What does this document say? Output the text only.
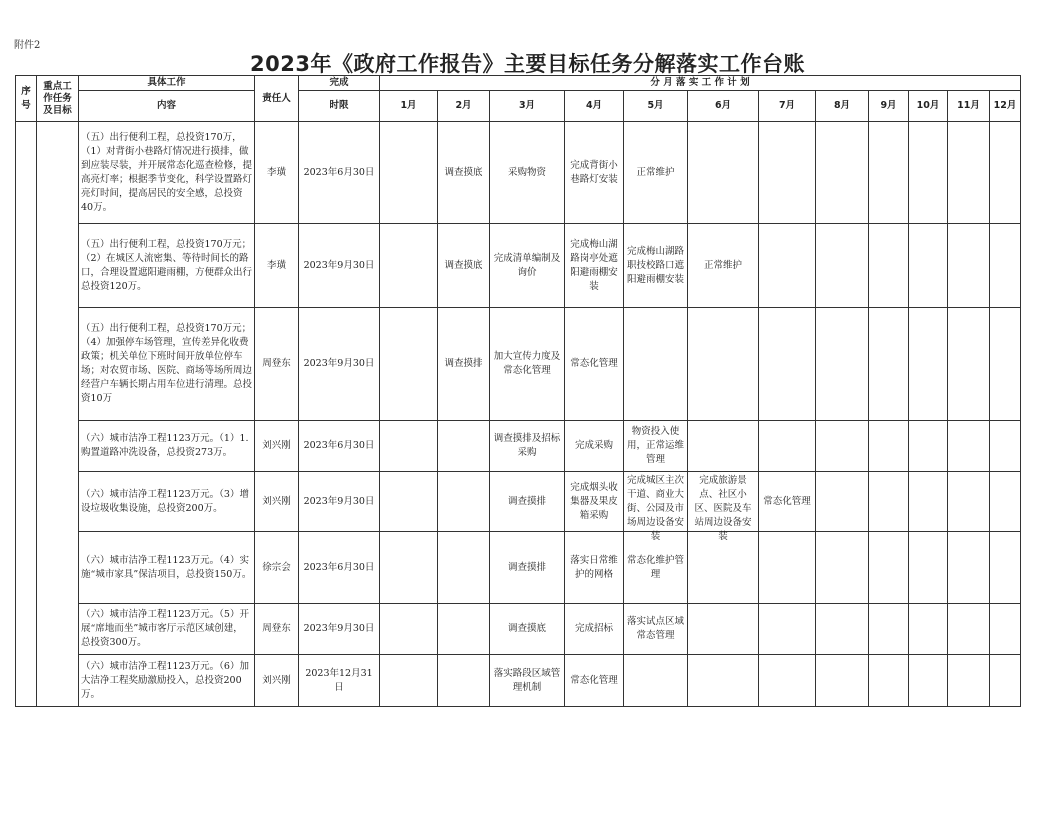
附件2
2023年《政府工作报告》主要目标任务分解落实工作台账
序号	重点工作任务及目标	具体工作	责任人	完成	分 月 落 实 工 作 计 划											
		内容		时限	1月	2月	3月	4月	5月	6月	7月	8月	9月	10月	11月	12月
		（五）出行便利工程，总投资170万，（1）对背街小巷路灯情况进行摸排，做到应装尽装，并开展常态化巡查检修，提高亮灯率；根据季节变化，科学设置路灯亮灯时间，提高居民的安全感，总投资40万。	李璜	2023年6月30日		调查摸底	采购物资	完成背街小巷路灯安装	正常维护							

		（五）出行便利工程，总投资170万元；（2）在城区人流密集、等待时间长的路口，合理设置遮阳避雨棚，方便群众出行总投资120万。	李璜	2023年9月30日		调查摸底	完成清单编制及询价	完成梅山湖路岗亭处遮阳避雨棚安装	完成梅山湖路职技校路口遮阳避雨棚安装	正常维护						

		（五）出行便利工程，总投资170万元；（4）加强停车场管理，宣传差异化收费政策；机关单位下班时间开放单位停车场；对农贸市场、医院、商场等场所周边经营户车辆长期占用车位进行清理。总投资10万	周登东	2023年9月30日		调查摸排	加大宣传力度及常态化管理	常态化管理								

		（六）城市洁净工程1123万元。（1）1.购置道路冲洗设备，总投资273万。	刘兴刚	2023年6月30日			调查摸排及招标采购	完成采购	物资投入使用，正常运维管理							

		（六）城市洁净工程1123万元。（3）增设垃圾收集设施，总投资200万。	刘兴刚	2023年9月30日			调查摸排	完成烟头收集器及果皮箱采购	完成城区主次干道、商业大街、公园及市场周边设备安装	完成旅游景点、社区小区、医院及车站周边设备安装	常态化管理					

		（六）城市洁净工程1123万元。（4）实施“城市家具”保洁项目，总投资150万。	徐宗会	2023年6月30日			调查摸排	落实日常维护的网格	常态化维护管理							

		（六）城市洁净工程1123万元。（5）开展“席地而坐”城市客厅示范区域创建，总投资300万。	周登东	2023年9月30日			调查摸底	完成招标	落实试点区域常态管理							

		（六）城市洁净工程1123万元。（6）加大洁净工程奖励激励投入，总投资200万。	刘兴刚	2023年12月31日			落实路段区域管理机制	常态化管理								
